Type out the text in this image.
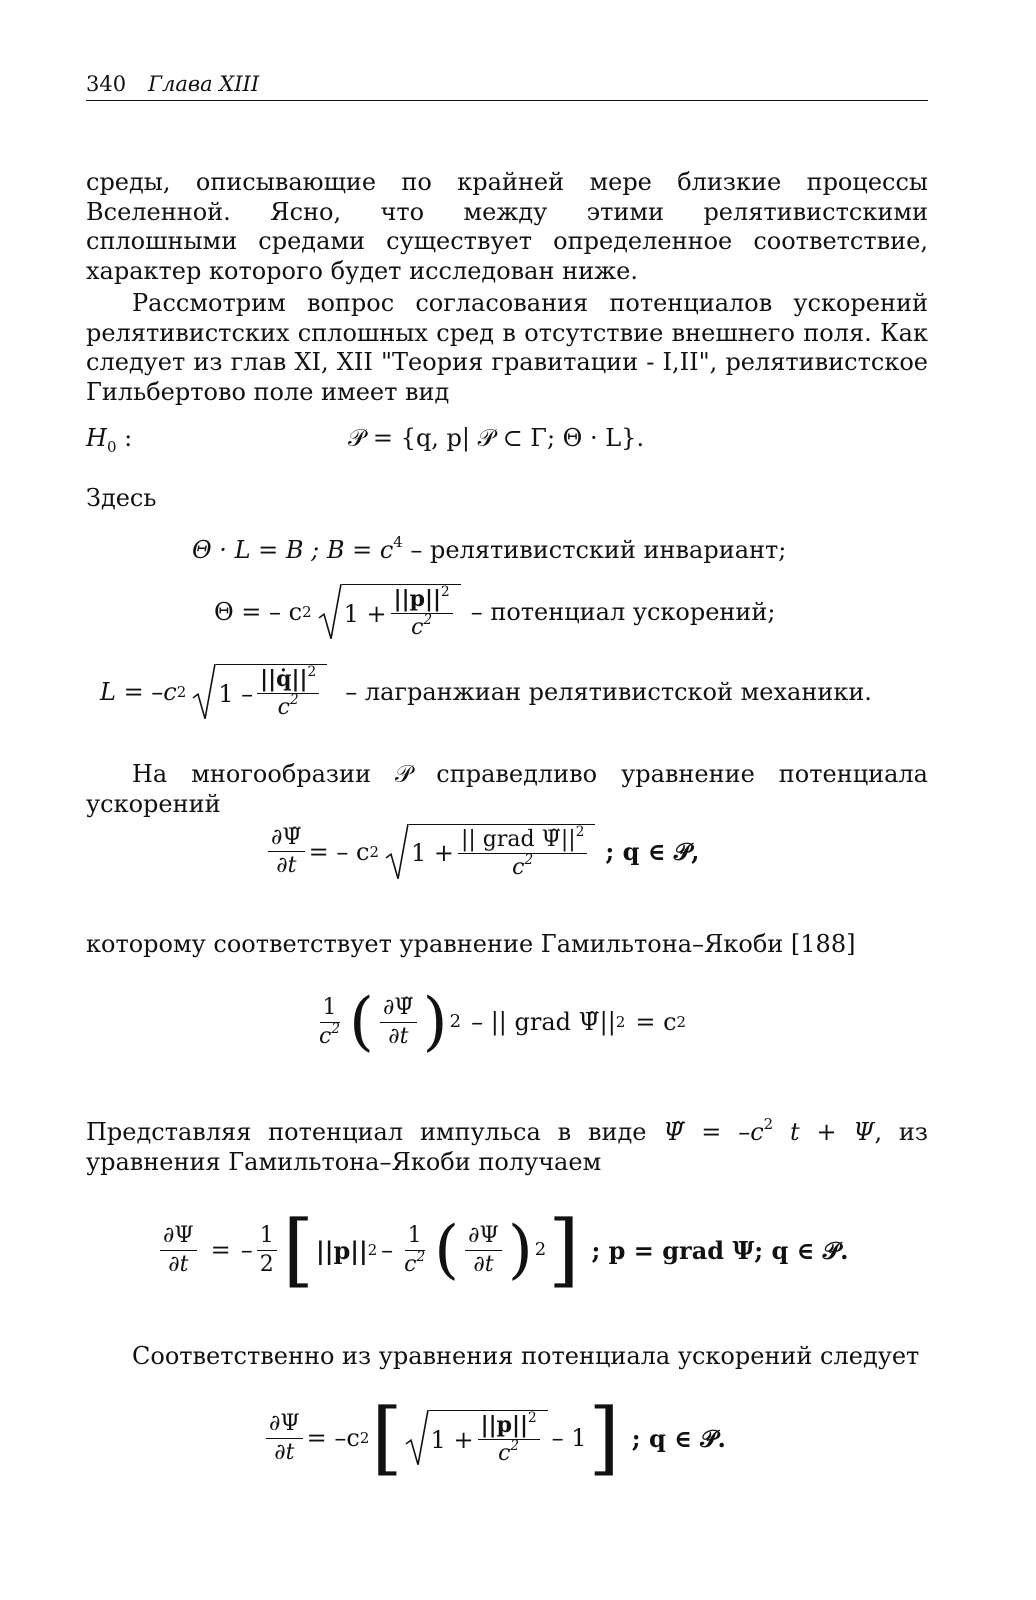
340 Глава XIII

среды, описывающие по крайней мере близкие процессы Вселенной. Ясно, что между этими релятивистскими сплошными средами существует определенное соответствие, характер которого будет исследован ниже.

Рассмотрим вопрос согласования потенциалов ускорений релятивистских сплошных сред в отсутствие внешнего поля. Как следует из глав XI, XII "Теория гравитации - I,II", релятивистское Гильбертово поле имеет вид

$H_0$ :	𝒫 = {q, p| 𝒫 ⊂ Γ; Θ · L}.

Здесь

Θ · L = B ; $B = c^4$ – релятивистский инвариант;
Θ = – c 2 $1 + \frac{||p||^2}{c^2}$ – потенциал ускорений;
L = –c 2 $1 - \frac{||q̇||^2}{c^2}$ – лагранжиан релятивистской механики.

На многообразии 𝒫 справедливо уравнение потенциала ускорений

$\frac{\partial\Psĩ}{\partial t}$ = – c 2 $1 + \frac{|| grad \Psĩ||^2}{c^2}$ ; q ∈ 𝒫,

которому соответствует уравнение Гамильтона–Якоби [188]

$\frac{1}{c^2}$ ( $\frac{\partial\Psĩ}{\partial t}$ ) 2 – || grad Ψ̃|| 2 = c 2

Представляя потенциал импульса в виде Ψ̃ = $-c^2$ t + Ψ, из уравнения Гамильтона–Якоби получаем

$\frac{\partial\Psi}{\partial t}$ = – $\frac{1}{2}$ [ ||p|| $2 - \frac{1}{c^2}$ ( $\frac{\partial\Psi}{\partial t}$ ) 2 ] ; p = grad Ψ; q ∈ 𝒫.

Соответственно из уравнения потенциала ускорений следует

$\frac{\partial\Psi}{\partial t} = -c$ 2 [ $1 + \frac{||p||^2}{c^2} - 1$ ] ; q ∈ 𝒫.
